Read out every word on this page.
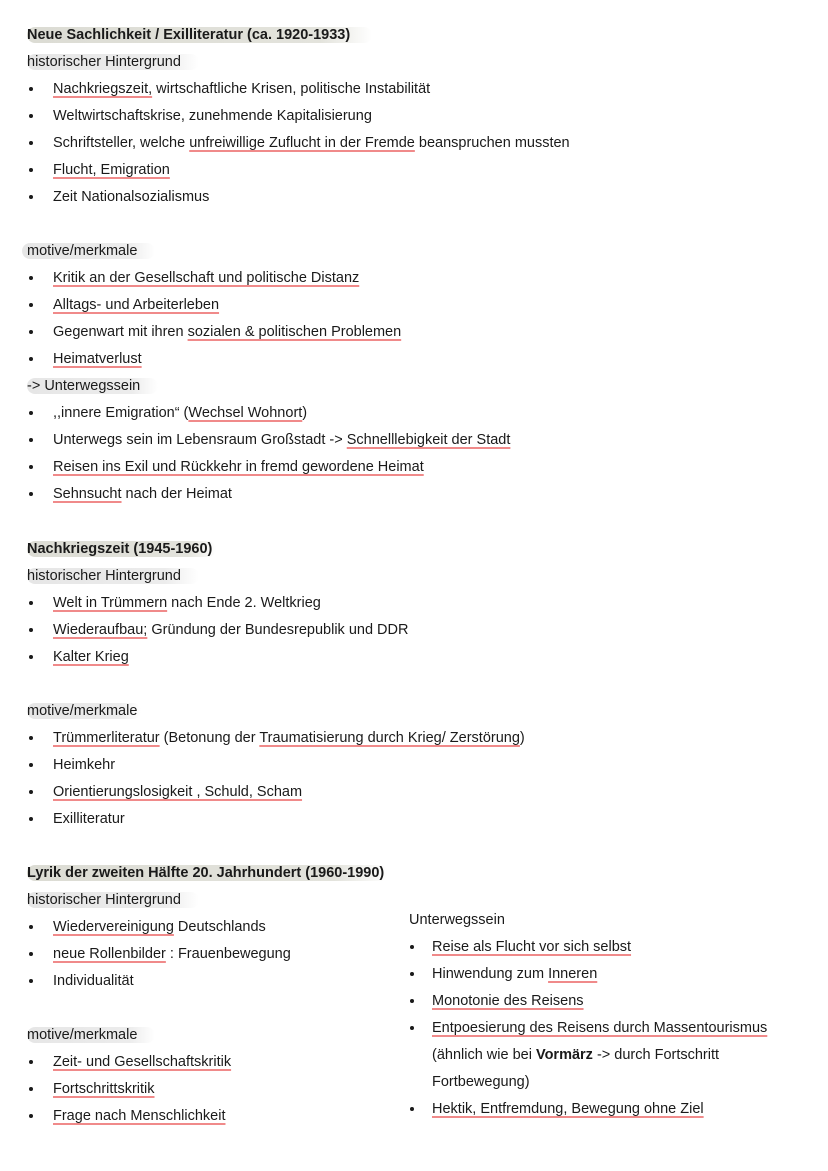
Neue Sachlichkeit / Exilliteratur (ca. 1920-1933)
historischer Hintergrund
Nachkriegszeit, wirtschaftliche Krisen, politische Instabilität
Weltwirtschaftskrise, zunehmende Kapitalisierung
Schriftsteller, welche unfreiwillige Zuflucht in der Fremde beanspruchen mussten
Flucht, Emigration
Zeit Nationalsozialismus
motive/merkmale
Kritik an der Gesellschaft und politische Distanz
Alltags- und Arbeiterleben
Gegenwart mit ihren sozialen & politischen Problemen
Heimatverlust
-> Unterwegssein
,,innere Emigration“ (Wechsel Wohnort)
Unterwegs sein im Lebensraum Großstadt -> Schnelllebigkeit der Stadt
Reisen ins Exil und Rückkehr in fremd gewordene Heimat
Sehnsucht nach der Heimat
Nachkriegszeit (1945-1960)
historischer Hintergrund
Welt in Trümmern nach Ende 2. Weltkrieg
Wiederaufbau; Gründung der Bundesrepublik und DDR
Kalter Krieg
motive/merkmale
Trümmerliteratur (Betonung der Traumatisierung durch Krieg/ Zerstörung)
Heimkehr
Orientierungslosigkeit , Schuld, Scham
Exilliteratur
Lyrik der zweiten Hälfte 20. Jahrhundert (1960-1990)
historischer Hintergrund
Wiedervereinigung Deutschlands
neue Rollenbilder : Frauenbewegung
Individualität
motive/merkmale
Zeit- und Gesellschaftskritik
Fortschrittskritik
Frage nach Menschlichkeit
Unterwegssein
Reise als Flucht vor sich selbst
Hinwendung zum Inneren
Monotonie des Reisens
Entpoesierung des Reisens durch Massentourismus
(ähnlich wie bei Vormärz -> durch Fortschritt
Fortbewegung)
Hektik, Entfremdung, Bewegung ohne Ziel
